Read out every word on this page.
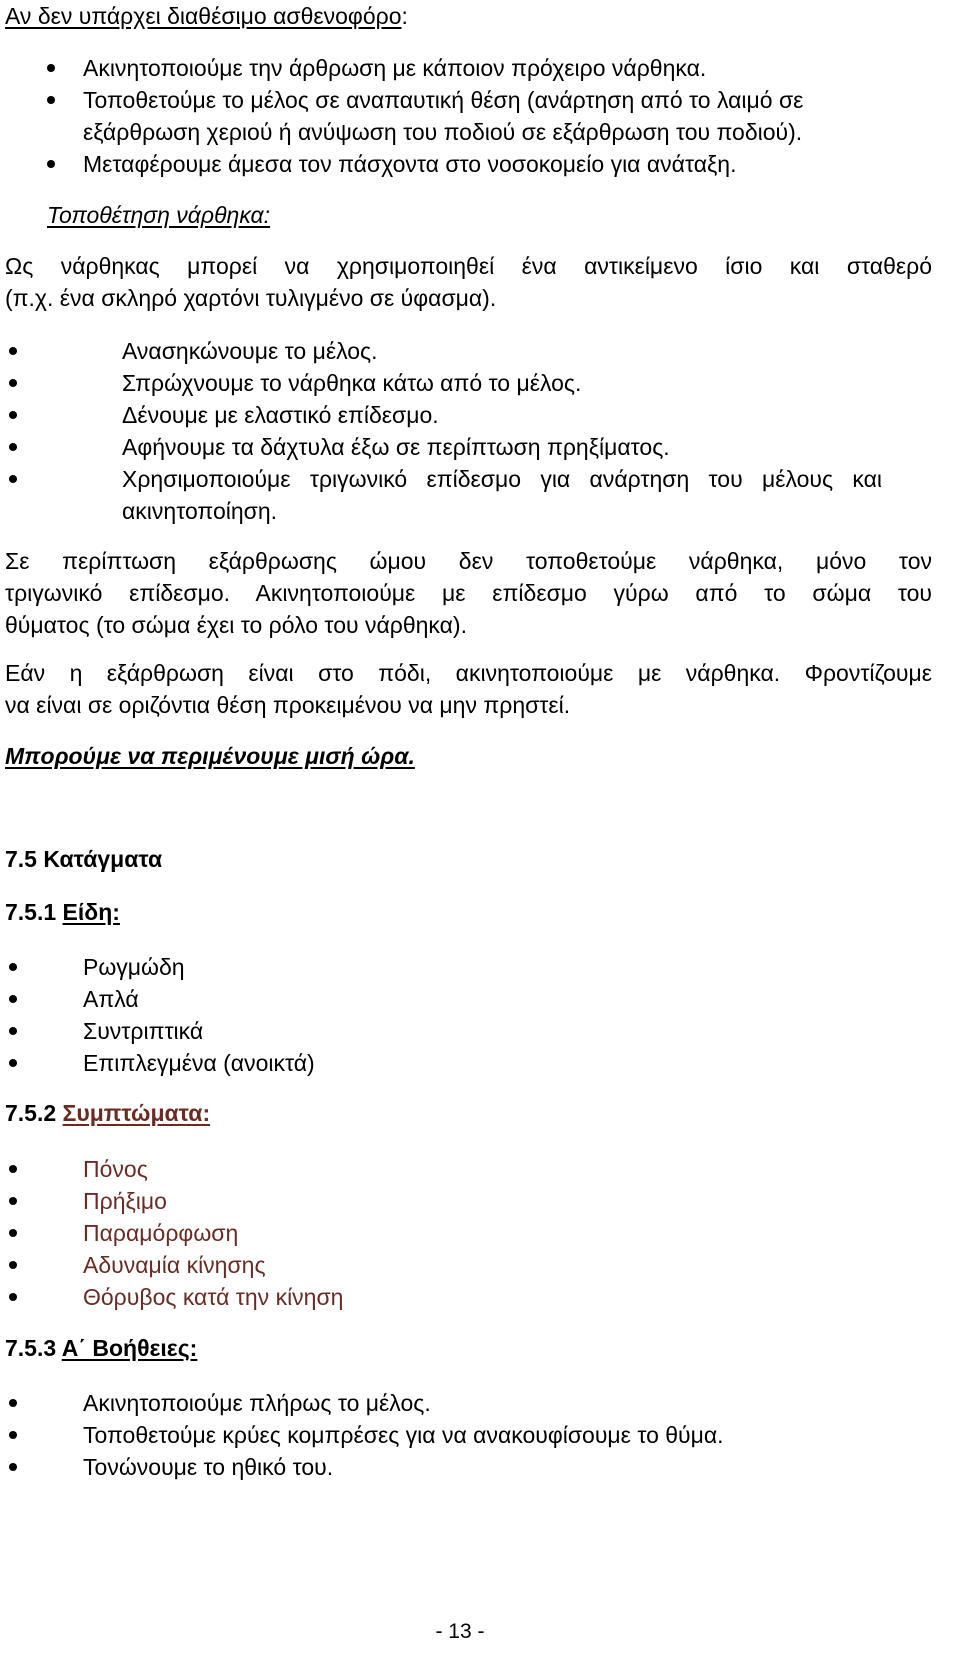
Αν δεν υπάρχει διαθέσιμο ασθενοφόρο:
Ακινητοποιούμε την άρθρωση με κάποιον πρόχειρο νάρθηκα.
Τοποθετούμε το μέλος σε αναπαυτική θέση (ανάρτηση από το λαιμό σε
εξάρθρωση χεριού ή ανύψωση του ποδιού σε εξάρθρωση του ποδιού).
Μεταφέρουμε άμεσα τον πάσχοντα στο νοσοκομείο για ανάταξη.
Τοποθέτηση νάρθηκα:
Ως νάρθηκας μπορεί να χρησιμοποιηθεί ένα αντικείμενο ίσιο και σταθερό
(π.χ. ένα σκληρό χαρτόνι τυλιγμένο σε ύφασμα).
Ανασηκώνουμε το μέλος.
Σπρώχνουμε το νάρθηκα κάτω από το μέλος.
Δένουμε με ελαστικό επίδεσμο.
Αφήνουμε τα δάχτυλα έξω σε περίπτωση πρηξίματος.
Χρησιμοποιούμε τριγωνικό επίδεσμο για ανάρτηση του μέλους και
ακινητοποίηση.
Σε περίπτωση εξάρθρωσης ώμου δεν τοποθετούμε νάρθηκα, μόνο τον
τριγωνικό επίδεσμο. Ακινητοποιούμε με επίδεσμο γύρω από το σώμα του
θύματος (το σώμα έχει το ρόλο του νάρθηκα).
Εάν η εξάρθρωση είναι στο πόδι, ακινητοποιούμε με νάρθηκα. Φροντίζουμε
να είναι σε οριζόντια θέση προκειμένου να μην πρηστεί.
Μπορούμε να περιμένουμε μισή ώρα.
7.5 Κατάγματα
7.5.1 Είδη:
Ρωγμώδη
Απλά
Συντριπτικά
Επιπλεγμένα (ανοικτά)
7.5.2 Συμπτώματα:
Πόνος
Πρήξιμο
Παραμόρφωση
Αδυναμία κίνησης
Θόρυβος κατά την κίνηση
7.5.3 Α΄ Βοήθειες:
Ακινητοποιούμε πλήρως το μέλος.
Τοποθετούμε κρύες κομπρέσες για να ανακουφίσουμε το θύμα.
Τονώνουμε το ηθικό του.
- 13 -
